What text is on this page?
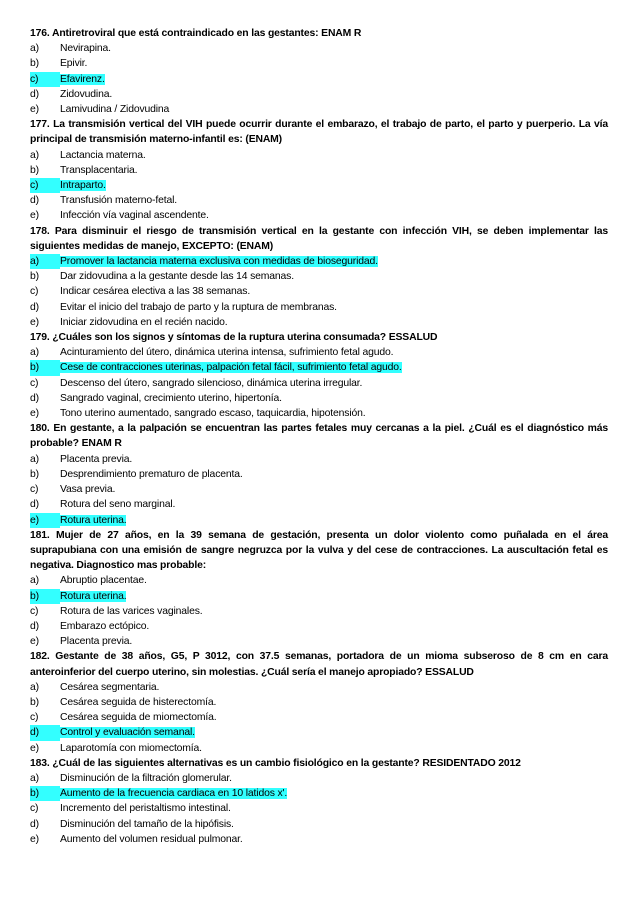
176. Antiretroviral que está contraindicado en las gestantes: ENAM R
a) Nevirapina.
b) Epivir.
c) Efavirenz.
d) Zidovudina.
e) Lamivudina / Zidovudina
177. La transmisión vertical del VIH puede ocurrir durante el embarazo, el trabajo de parto, el parto y puerperio. La vía principal de transmisión materno-infantil es: (ENAM)
a) Lactancia materna.
b) Transplacentaria.
c) Intraparto.
d) Transfusión materno-fetal.
e) Infección vía vaginal ascendente.
178. Para disminuir el riesgo de transmisión vertical en la gestante con infección VIH, se deben implementar las siguientes medidas de manejo, EXCEPTO: (ENAM)
a) Promover la lactancia materna exclusiva con medidas de bioseguridad.
b) Dar zidovudina a la gestante desde las 14 semanas.
c) Indicar cesárea electiva a las 38 semanas.
d) Evitar el inicio del trabajo de parto y la ruptura de membranas.
e) Iniciar zidovudina en el recién nacido.
179. ¿Cuáles son los signos y síntomas de la ruptura uterina consumada? ESSALUD
a) Acinturamiento del útero, dinámica uterina intensa, sufrimiento fetal agudo.
b) Cese de contracciones uterinas, palpación fetal fácil, sufrimiento fetal agudo.
c) Descenso del útero, sangrado silencioso, dinámica uterina irregular.
d) Sangrado vaginal, crecimiento uterino, hipertonía.
e) Tono uterino aumentado, sangrado escaso, taquicardia, hipotensión.
180. En gestante, a la palpación se encuentran las partes fetales muy cercanas a la piel. ¿Cuál es el diagnóstico más probable? ENAM R
a) Placenta previa.
b) Desprendimiento prematuro de placenta.
c) Vasa previa.
d) Rotura del seno marginal.
e) Rotura uterina.
181. Mujer de 27 años, en la 39 semana de gestación, presenta un dolor violento como puñalada en el área suprapubiana con una emisión de sangre negruzca por la vulva y del cese de contracciones. La auscultación fetal es negativa. Diagnostico mas probable:
a) Abruptio placentae.
b) Rotura uterina.
c) Rotura de las varices vaginales.
d) Embarazo ectópico.
e) Placenta previa.
182. Gestante de 38 años, G5, P 3012, con 37.5 semanas, portadora de un mioma subseroso de 8 cm en cara anteroinferior del cuerpo uterino, sin molestias. ¿Cuál sería el manejo apropiado? ESSALUD
a) Cesárea segmentaria.
b) Cesárea seguida de histerectomía.
c) Cesárea seguida de miomectomía.
d) Control y evaluación semanal.
e) Laparotomía con miomectomía.
183. ¿Cuál de las siguientes alternativas es un cambio fisiológico en la gestante? RESIDENTADO 2012
a) Disminución de la filtración glomerular.
b) Aumento de la frecuencia cardiaca en 10 latidos x'.
c) Incremento del peristaltismo intestinal.
d) Disminución del tamaño de la hipófisis.
e) Aumento del volumen residual pulmonar.
